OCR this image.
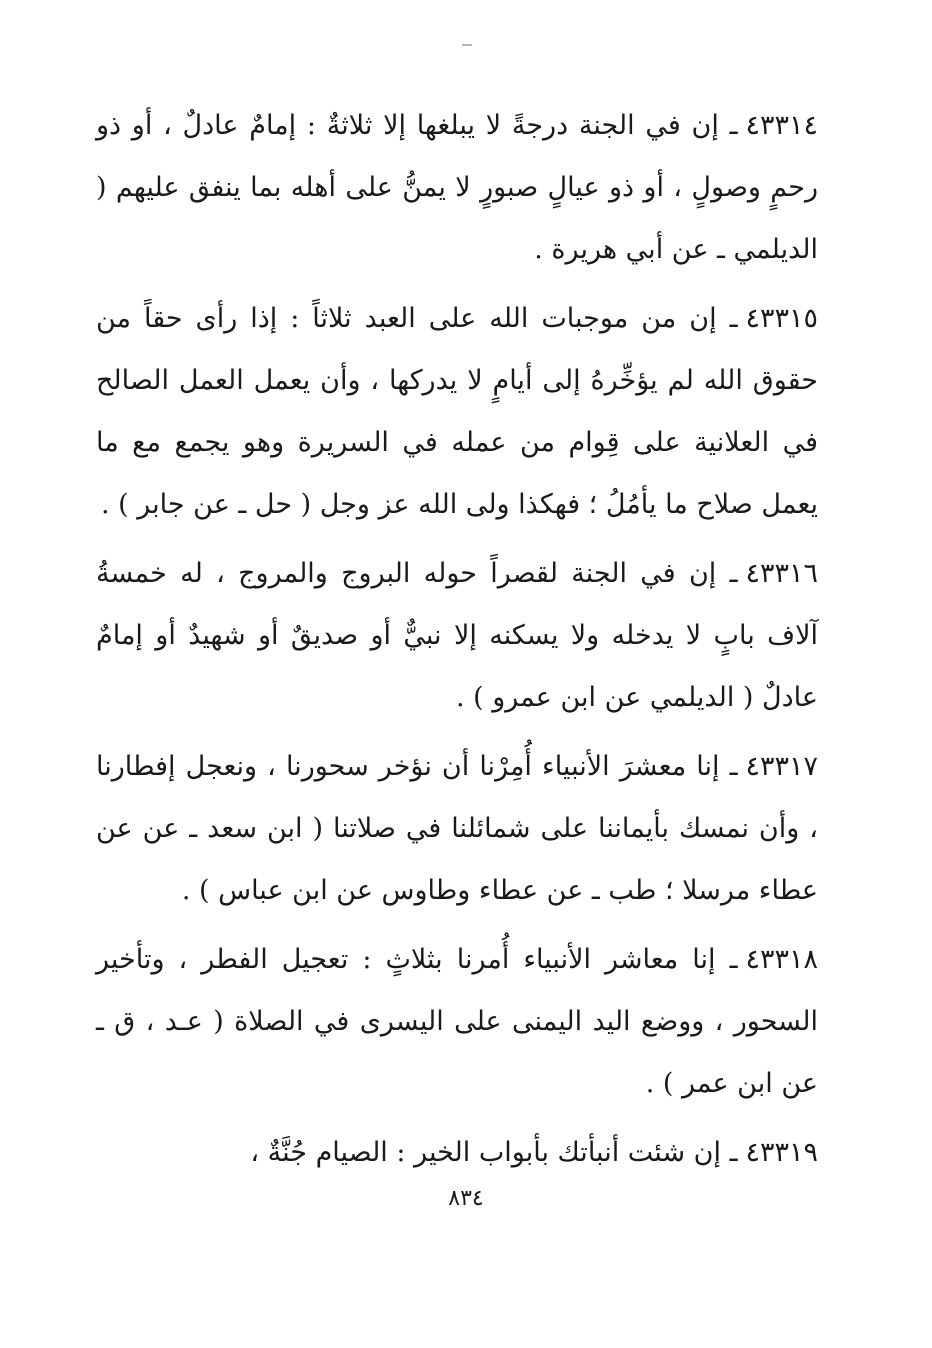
٤٣٣١٤ـ إن في الجنة درجةً لا يبلغها إلا ثلاثةٌ : إمامٌ عادلٌ ، أو ذو رحمٍ وصولٍ ، أو ذو عيالٍ صبورٍ لا يمنُّ على أهله بما ينفق عليهم ( الديلمي ـ عن أبي هريرة .

٤٣٣١٥ـ إن من موجبات الله على العبد ثلاثاً : إذا رأى حقاً من حقوق الله لم يؤخِّرهُ إلى أيامٍ لا يدركها ، وأن يعمل العمل الصالح في العلانية على قِوام من عمله في السريرة وهو يجمع مع ما يعمل صلاح ما يأمُلُ ؛ فهكذا ولى الله عز وجل ( حل ـ عن جابر ) .

٤٣٣١٦ـ إن في الجنة لقصراً حوله البروج والمروج ، له خمسةُ آلاف بابٍ لا يدخله ولا يسكنه إلا نبيٌّ أو صديقٌ أو شهيدٌ أو إمامٌ عادلٌ ( الديلمي عن ابن عمرو ) .

٤٣٣١٧ـ إنا معشرَ الأنبياء أُمِرْنا أن نؤخر سحورنا ، ونعجل إفطارنا ، وأن نمسك بأيماننا على شمائلنا في صلاتنا ( ابن سعد ـ عن عن عطاء مرسلا ؛ طب ـ عن عطاء وطاوس عن ابن عباس ) .

٤٣٣١٨ـ إنا معاشر الأنبياء أُمرنا بثلاثٍ : تعجيل الفطر ، وتأخير السحور ، ووضع اليد اليمنى على اليسرى في الصلاة ( عـد ، ق ـ عن ابن عمر ) .

٤٣٣١٩ـ إن شئت أنبأتك بأبواب الخير : الصيام جُنَّةٌ ،

٨٣٤
